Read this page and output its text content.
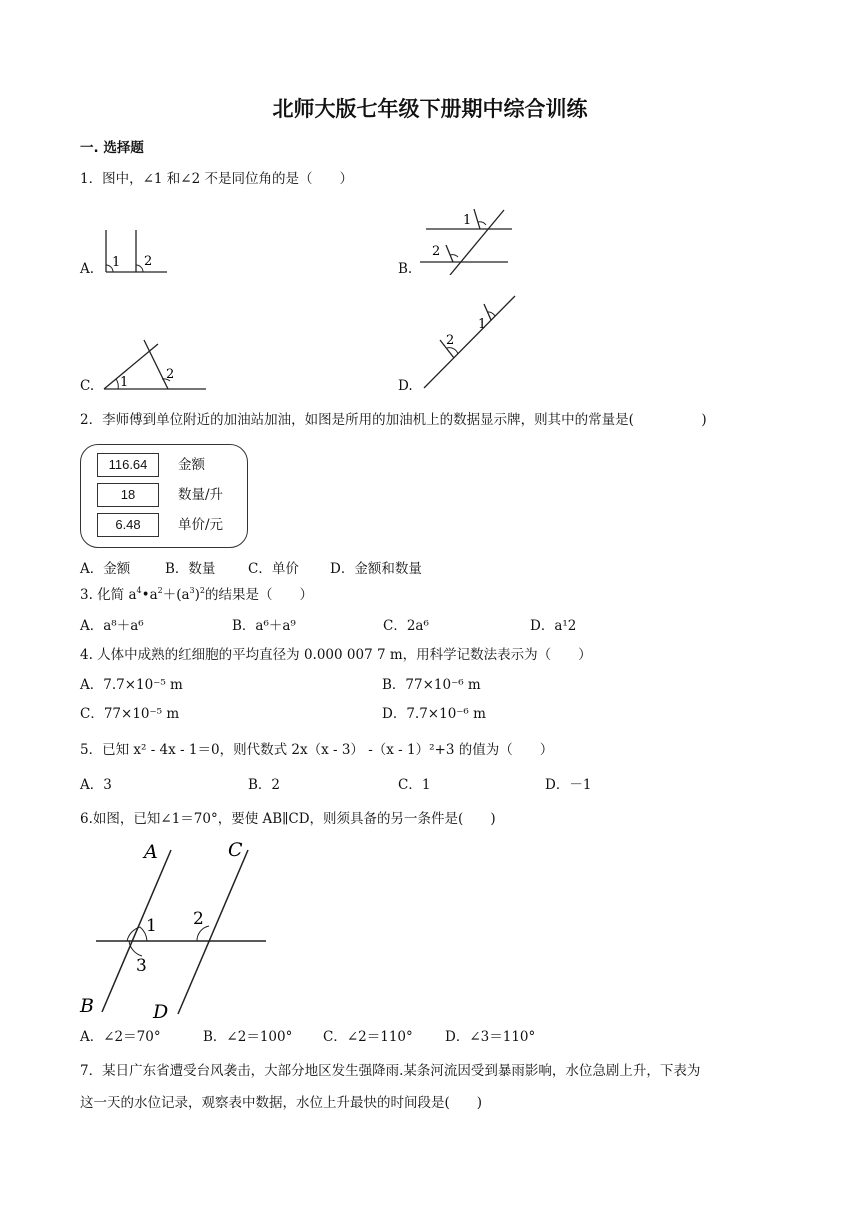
北师大版七年级下册期中综合训练
一. 选择题
1．图中，∠1 和∠2 不是同位角的是（　　）
A. 1 2	B.
1
2
C. 1
2
D.
1
2
2．李师傅到单位附近的加油站加油，如图是所用的加油机上的数据显示牌，则其中的常量是(　　　　　)
116.64	金额
18	数量/升
6.48	单价/元
A．金额	B．数量 C．单价 D．金额和数量
3. 化简 $a^4•a^2+(a^3)^2$的结果是（　　）
A．a⁸＋a⁶	B．a⁶＋a⁹	C．2a⁶	D．a¹2
4. 人体中成熟的红细胞的平均直径为 0.000 007 7 m，用科学记数法表示为（　　）
A．7.7×10⁻⁵ m	B．77×10⁻⁶ m
C．77×10⁻⁵ m	D．7.7×10⁻⁶ m
5．已知 x² - 4x - 1＝0，则代数式 2x（x - 3） -（x - 1）²+3 的值为（　　）
A．3	B．2	C．1	D．－1
6.如图，已知∠1＝70°，要使 AB∥CD，则须具备的另一条件是(　　)
A	C
B	D
1 2
3
A．∠2＝70°	B．∠2＝100° C．∠2＝110° D．∠3＝110°
7．某日广东省遭受台风袭击，大部分地区发生强降雨.某条河流因受到暴雨影响，水位急剧上升，下表为
这一天的水位记录，观察表中数据，水位上升最快的时间段是(　　)
